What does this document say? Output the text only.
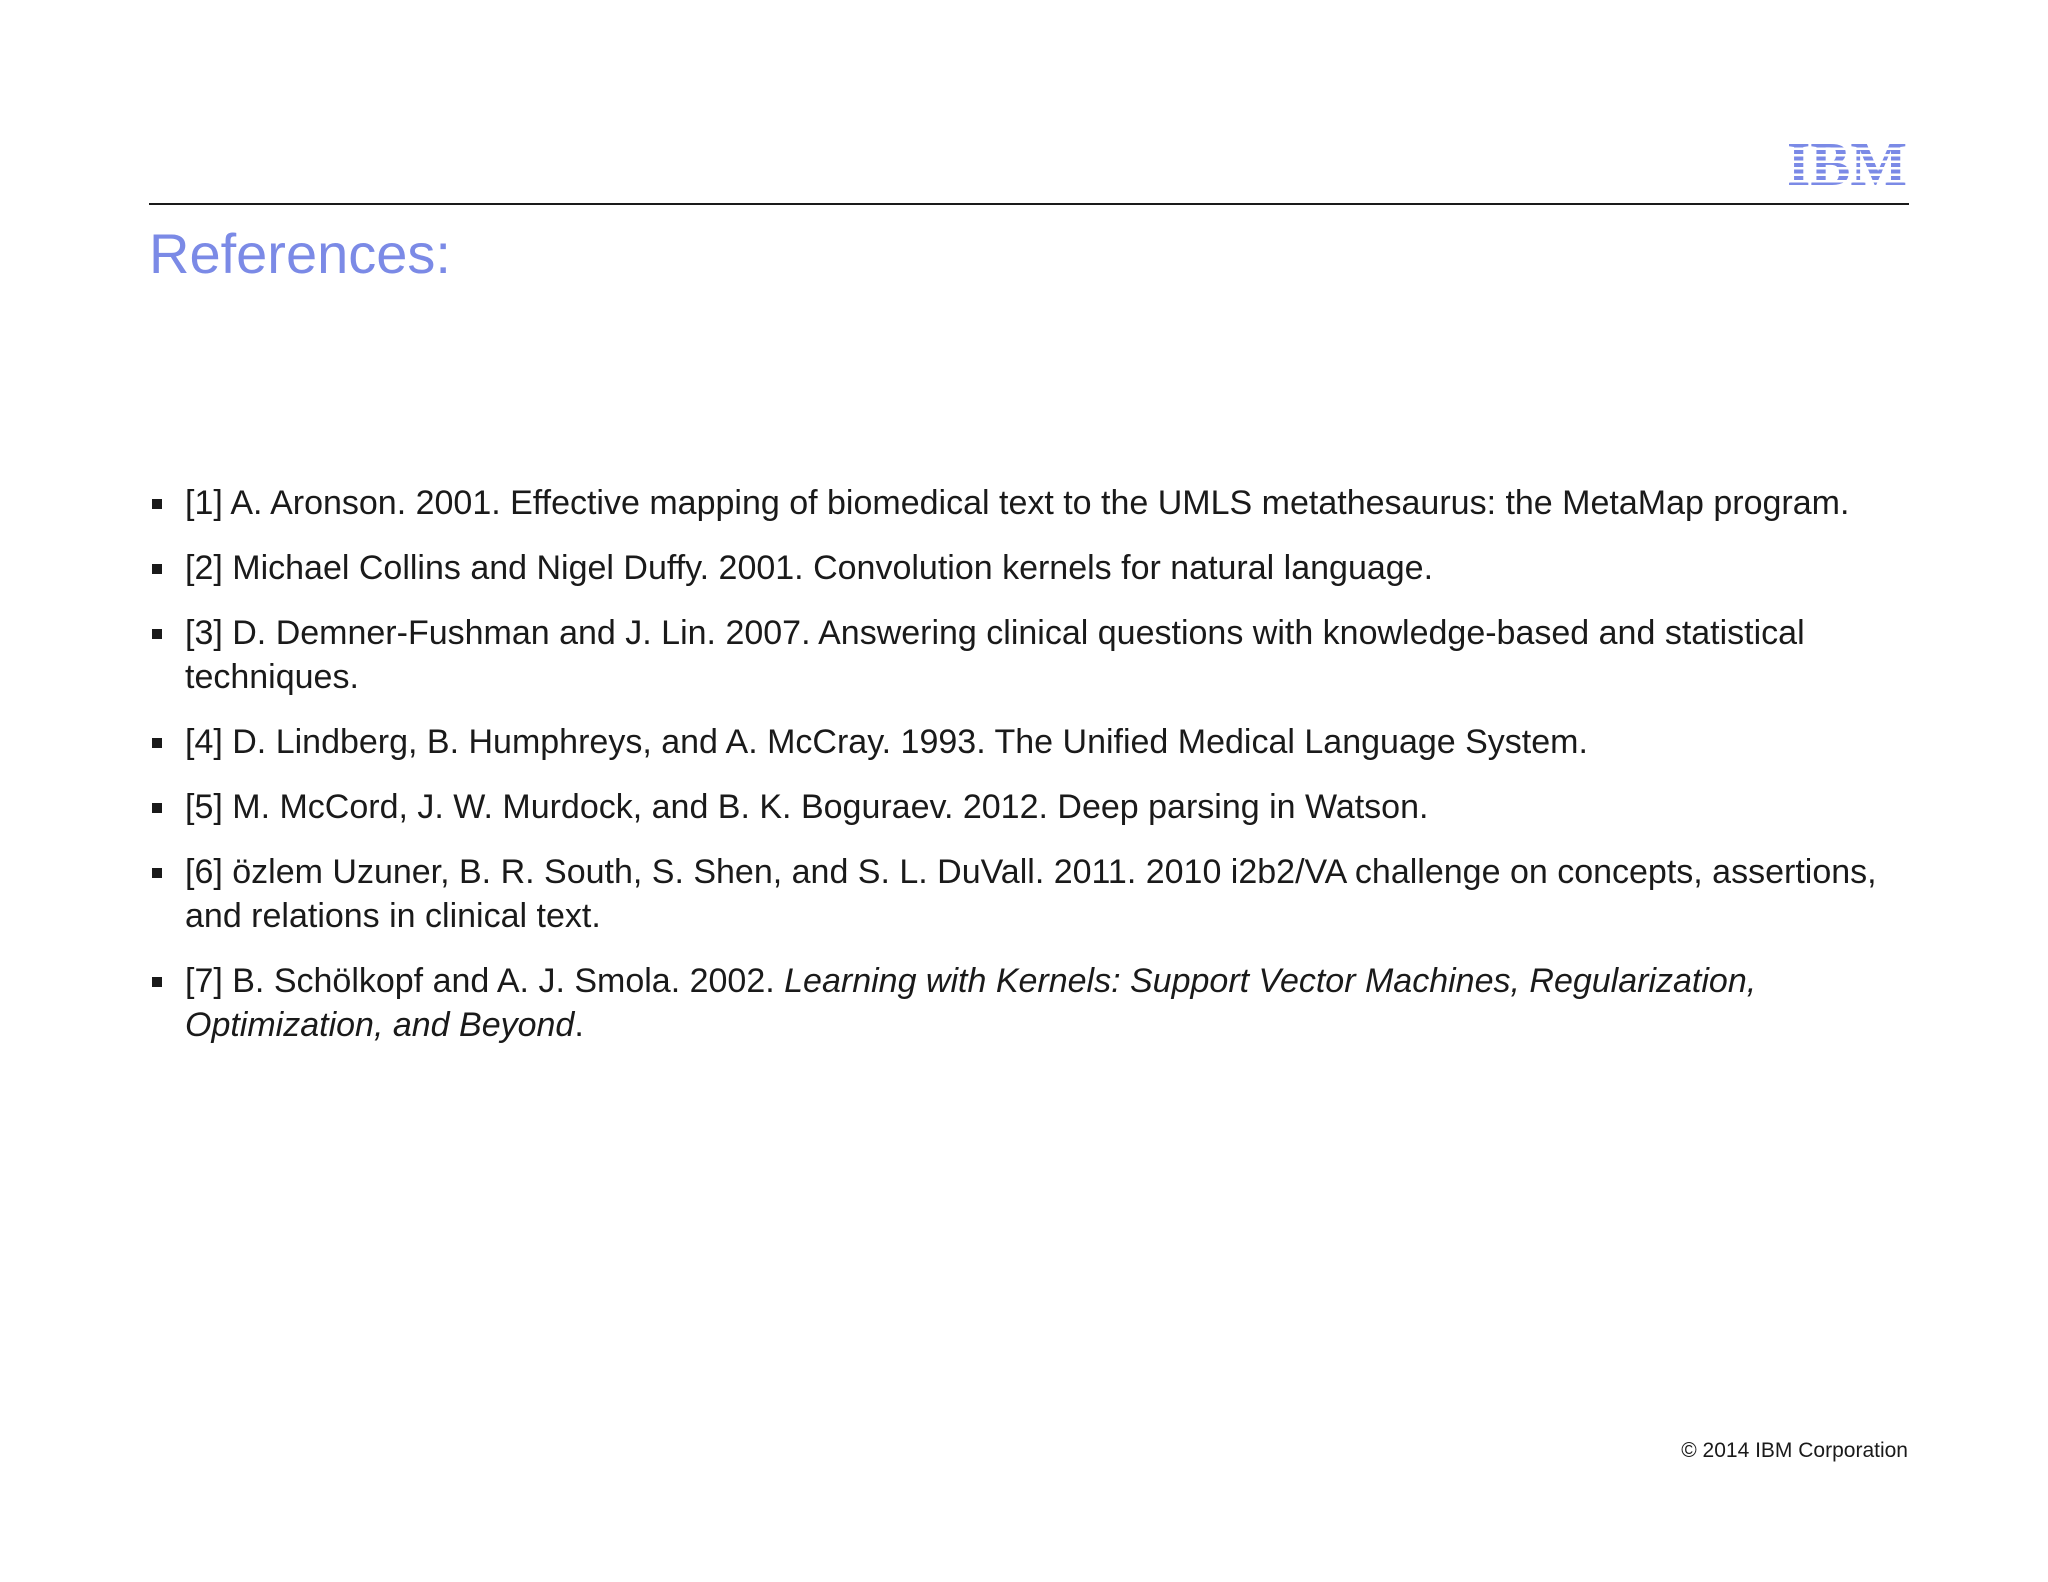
IBM
References:
[1] A. Aronson. 2001. Effective mapping of biomedical text to the UMLS metathesaurus: the MetaMap program.
[2] Michael Collins and Nigel Duffy. 2001. Convolution kernels for natural language.
[3] D. Demner-Fushman and J. Lin. 2007. Answering clinical questions with knowledge-based and statistical techniques.
[4] D. Lindberg, B. Humphreys, and A. McCray. 1993. The Unified Medical Language System.
[5] M. McCord, J. W. Murdock, and B. K. Boguraev. 2012. Deep parsing in Watson.
[6] özlem Uzuner, B. R. South, S. Shen, and S. L. DuVall. 2011. 2010 i2b2/VA challenge on concepts, assertions, and relations in clinical text.
[7] B. Schölkopf and A. J. Smola. 2002. Learning with Kernels: Support Vector Machines, Regularization, Optimization, and Beyond.
© 2014 IBM Corporation
